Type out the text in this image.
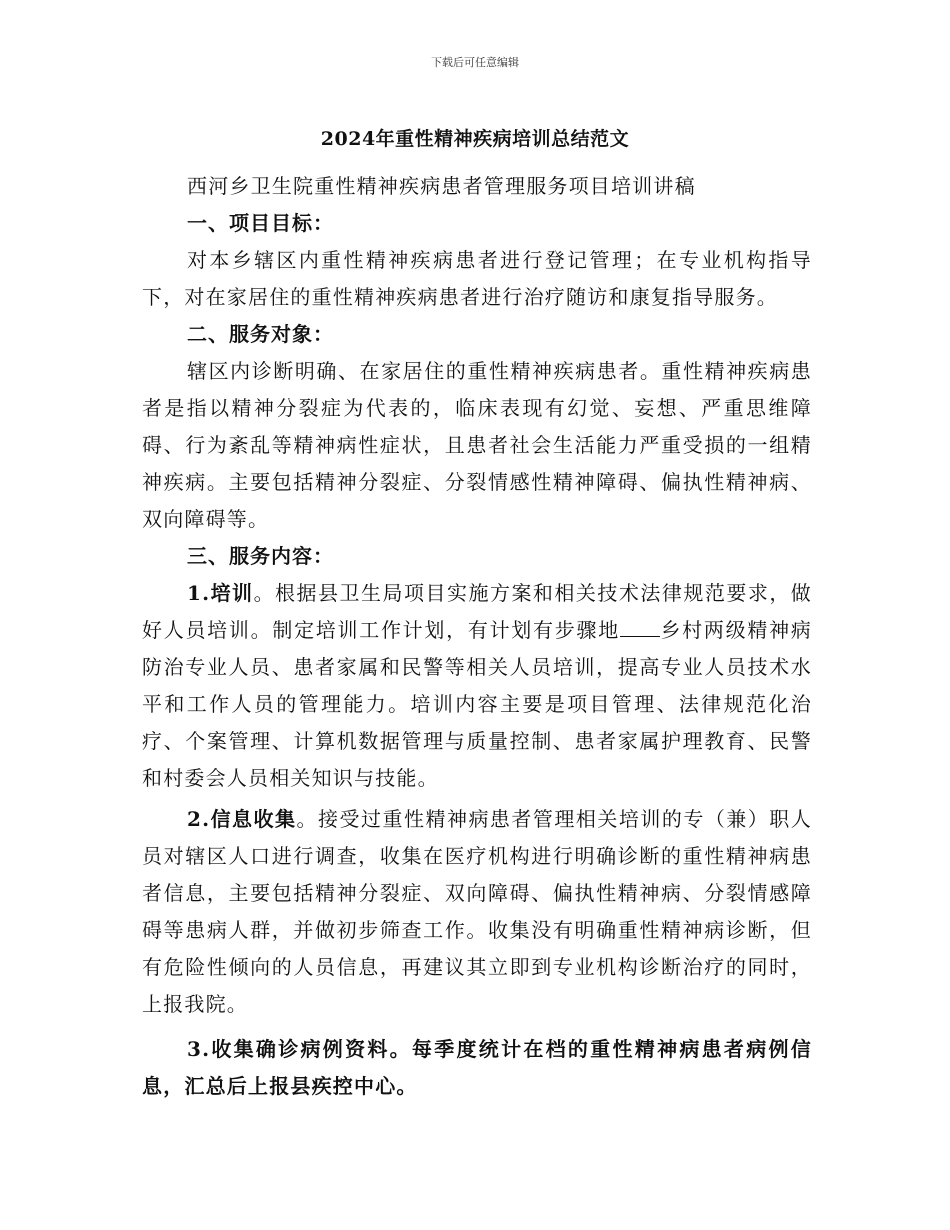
下载后可任意编辑
2024年重性精神疾病培训总结范文

西河乡卫生院重性精神疾病患者管理服务项目培训讲稿

一、项目目标：

对本乡辖区内重性精神疾病患者进行登记管理；在专业机构指导下，对在家居住的重性精神疾病患者进行治疗随访和康复指导服务。

二、服务对象：

辖区内诊断明确、在家居住的重性精神疾病患者。重性精神疾病患者是指以精神分裂症为代表的，临床表现有幻觉、妄想、严重思维障碍、行为紊乱等精神病性症状，且患者社会生活能力严重受损的一组精神疾病。主要包括精神分裂症、分裂情感性精神障碍、偏执性精神病、双向障碍等。

三、服务内容：

1.培训。根据县卫生局项目实施方案和相关技术法律规范要求，做好人员培训。制定培训工作计划，有计划有步骤地 乡村两级精神病防治专业人员、患者家属和民警等相关人员培训，提高专业人员技术水平和工作人员的管理能力。培训内容主要是项目管理、法律规范化治疗、个案管理、计算机数据管理与质量控制、患者家属护理教育、民警和村委会人员相关知识与技能。

2.信息收集。接受过重性精神病患者管理相关培训的专（兼）职人员对辖区人口进行调查，收集在医疗机构进行明确诊断的重性精神病患者信息，主要包括精神分裂症、双向障碍、偏执性精神病、分裂情感障碍等患病人群，并做初步筛查工作。收集没有明确重性精神病诊断，但有危险性倾向的人员信息，再建议其立即到专业机构诊断治疗的同时，上报我院。

3.收集确诊病例资料。每季度统计在档的重性精神病患者病例信息，汇总后上报县疾控中心。
